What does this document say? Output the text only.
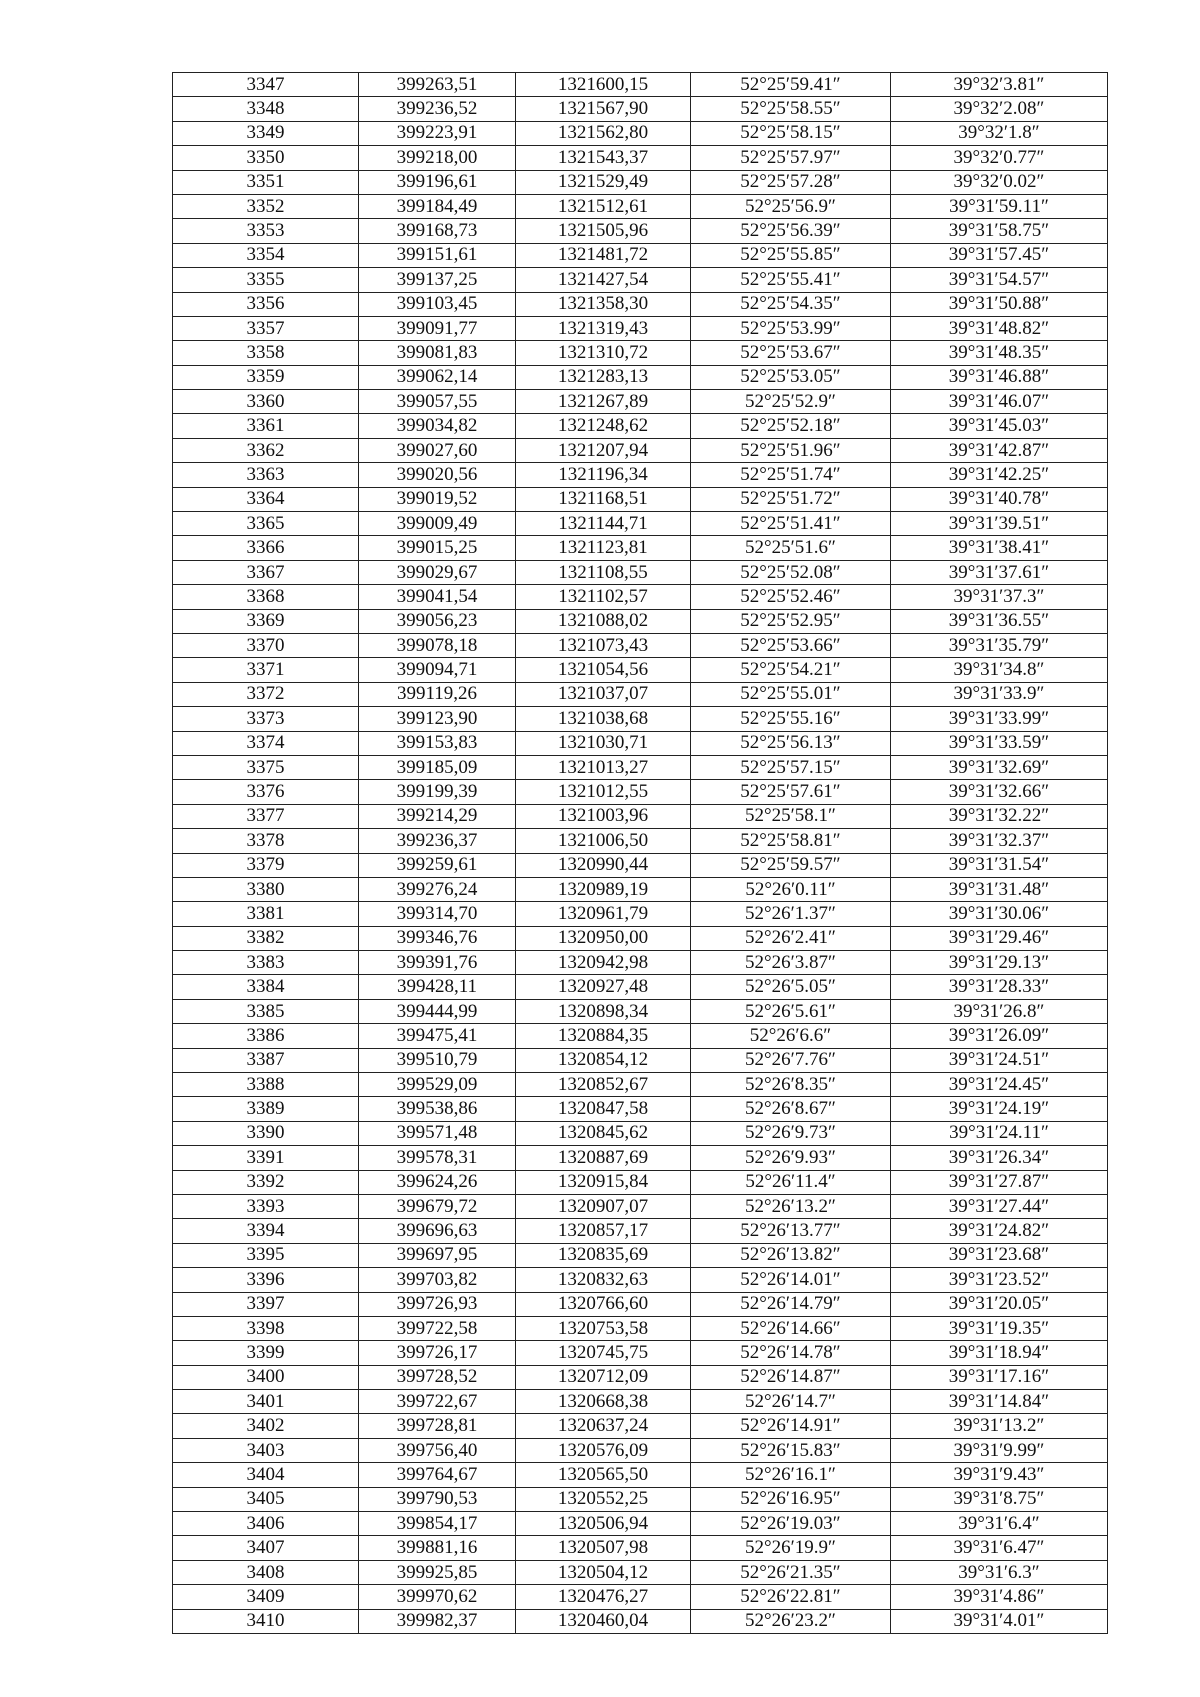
3347	399263,51	1321600,15	52°25′59.41″	39°32′3.81″
3348	399236,52	1321567,90	52°25′58.55″	39°32′2.08″
3349	399223,91	1321562,80	52°25′58.15″	39°32′1.8″
3350	399218,00	1321543,37	52°25′57.97″	39°32′0.77″
3351	399196,61	1321529,49	52°25′57.28″	39°32′0.02″
3352	399184,49	1321512,61	52°25′56.9″	39°31′59.11″
3353	399168,73	1321505,96	52°25′56.39″	39°31′58.75″
3354	399151,61	1321481,72	52°25′55.85″	39°31′57.45″
3355	399137,25	1321427,54	52°25′55.41″	39°31′54.57″
3356	399103,45	1321358,30	52°25′54.35″	39°31′50.88″
3357	399091,77	1321319,43	52°25′53.99″	39°31′48.82″
3358	399081,83	1321310,72	52°25′53.67″	39°31′48.35″
3359	399062,14	1321283,13	52°25′53.05″	39°31′46.88″
3360	399057,55	1321267,89	52°25′52.9″	39°31′46.07″
3361	399034,82	1321248,62	52°25′52.18″	39°31′45.03″
3362	399027,60	1321207,94	52°25′51.96″	39°31′42.87″
3363	399020,56	1321196,34	52°25′51.74″	39°31′42.25″
3364	399019,52	1321168,51	52°25′51.72″	39°31′40.78″
3365	399009,49	1321144,71	52°25′51.41″	39°31′39.51″
3366	399015,25	1321123,81	52°25′51.6″	39°31′38.41″
3367	399029,67	1321108,55	52°25′52.08″	39°31′37.61″
3368	399041,54	1321102,57	52°25′52.46″	39°31′37.3″
3369	399056,23	1321088,02	52°25′52.95″	39°31′36.55″
3370	399078,18	1321073,43	52°25′53.66″	39°31′35.79″
3371	399094,71	1321054,56	52°25′54.21″	39°31′34.8″
3372	399119,26	1321037,07	52°25′55.01″	39°31′33.9″
3373	399123,90	1321038,68	52°25′55.16″	39°31′33.99″
3374	399153,83	1321030,71	52°25′56.13″	39°31′33.59″
3375	399185,09	1321013,27	52°25′57.15″	39°31′32.69″
3376	399199,39	1321012,55	52°25′57.61″	39°31′32.66″
3377	399214,29	1321003,96	52°25′58.1″	39°31′32.22″
3378	399236,37	1321006,50	52°25′58.81″	39°31′32.37″
3379	399259,61	1320990,44	52°25′59.57″	39°31′31.54″
3380	399276,24	1320989,19	52°26′0.11″	39°31′31.48″
3381	399314,70	1320961,79	52°26′1.37″	39°31′30.06″
3382	399346,76	1320950,00	52°26′2.41″	39°31′29.46″
3383	399391,76	1320942,98	52°26′3.87″	39°31′29.13″
3384	399428,11	1320927,48	52°26′5.05″	39°31′28.33″
3385	399444,99	1320898,34	52°26′5.61″	39°31′26.8″
3386	399475,41	1320884,35	52°26′6.6″	39°31′26.09″
3387	399510,79	1320854,12	52°26′7.76″	39°31′24.51″
3388	399529,09	1320852,67	52°26′8.35″	39°31′24.45″
3389	399538,86	1320847,58	52°26′8.67″	39°31′24.19″
3390	399571,48	1320845,62	52°26′9.73″	39°31′24.11″
3391	399578,31	1320887,69	52°26′9.93″	39°31′26.34″
3392	399624,26	1320915,84	52°26′11.4″	39°31′27.87″
3393	399679,72	1320907,07	52°26′13.2″	39°31′27.44″
3394	399696,63	1320857,17	52°26′13.77″	39°31′24.82″
3395	399697,95	1320835,69	52°26′13.82″	39°31′23.68″
3396	399703,82	1320832,63	52°26′14.01″	39°31′23.52″
3397	399726,93	1320766,60	52°26′14.79″	39°31′20.05″
3398	399722,58	1320753,58	52°26′14.66″	39°31′19.35″
3399	399726,17	1320745,75	52°26′14.78″	39°31′18.94″
3400	399728,52	1320712,09	52°26′14.87″	39°31′17.16″
3401	399722,67	1320668,38	52°26′14.7″	39°31′14.84″
3402	399728,81	1320637,24	52°26′14.91″	39°31′13.2″
3403	399756,40	1320576,09	52°26′15.83″	39°31′9.99″
3404	399764,67	1320565,50	52°26′16.1″	39°31′9.43″
3405	399790,53	1320552,25	52°26′16.95″	39°31′8.75″
3406	399854,17	1320506,94	52°26′19.03″	39°31′6.4″
3407	399881,16	1320507,98	52°26′19.9″	39°31′6.47″
3408	399925,85	1320504,12	52°26′21.35″	39°31′6.3″
3409	399970,62	1320476,27	52°26′22.81″	39°31′4.86″
3410	399982,37	1320460,04	52°26′23.2″	39°31′4.01″
